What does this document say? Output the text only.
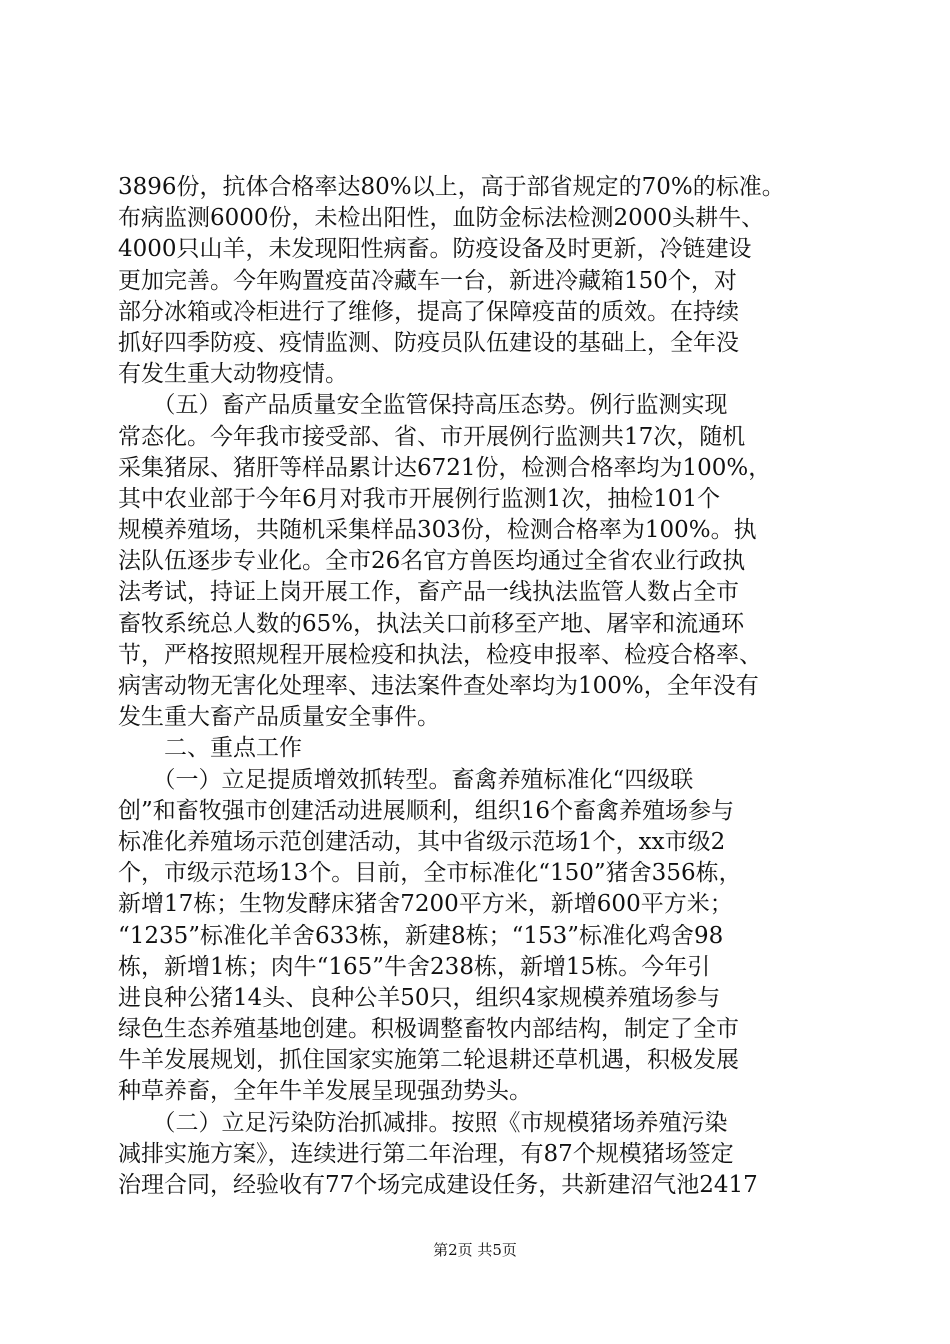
3896份，抗体合格率达80%以上，高于部省规定的70%的标准。
布病监测6000份，未检出阳性，血防金标法检测2000头耕牛、
4000只山羊，未发现阳性病畜。防疫设备及时更新，冷链建设
更加完善。今年购置疫苗冷藏车一台，新进冷藏箱150个，对
部分冰箱或冷柜进行了维修，提高了保障疫苗的质效。在持续
抓好四季防疫、疫情监测、防疫员队伍建设的基础上，全年没
有发生重大动物疫情。
　　（五）畜产品质量安全监管保持高压态势。例行监测实现
常态化。今年我市接受部、省、市开展例行监测共17次，随机
采集猪尿、猪肝等样品累计达6721份，检测合格率均为100%，
其中农业部于今年6月对我市开展例行监测1次，抽检101个
规模养殖场，共随机采集样品303份，检测合格率为100%。执
法队伍逐步专业化。全市26名官方兽医均通过全省农业行政执
法考试，持证上岗开展工作，畜产品一线执法监管人数占全市
畜牧系统总人数的65%，执法关口前移至产地、屠宰和流通环
节，严格按照规程开展检疫和执法，检疫申报率、检疫合格率、
病害动物无害化处理率、违法案件查处率均为100%，全年没有
发生重大畜产品质量安全事件。
　　二、重点工作
　　（一）立足提质增效抓转型。畜禽养殖标准化“四级联
创”和畜牧强市创建活动进展顺利，组织16个畜禽养殖场参与
标准化养殖场示范创建活动，其中省级示范场1个，xx市级2
个，市级示范场13个。目前，全市标准化“150”猪舍356栋，
新增17栋；生物发酵床猪舍7200平方米，新增600平方米；
“1235”标准化羊舍633栋，新建8栋；“153”标准化鸡舍98
栋，新增1栋；肉牛“165”牛舍238栋，新增15栋。今年引
进良种公猪14头、良种公羊50只，组织4家规模养殖场参与
绿色生态养殖基地创建。积极调整畜牧内部结构，制定了全市
牛羊发展规划，抓住国家实施第二轮退耕还草机遇，积极发展
种草养畜，全年牛羊发展呈现强劲势头。
　　（二）立足污染防治抓减排。按照《市规模猪场养殖污染
减排实施方案》，连续进行第二年治理，有87个规模猪场签定
治理合同，经验收有77个场完成建设任务，共新建沼气池2417
第2页 共5页
